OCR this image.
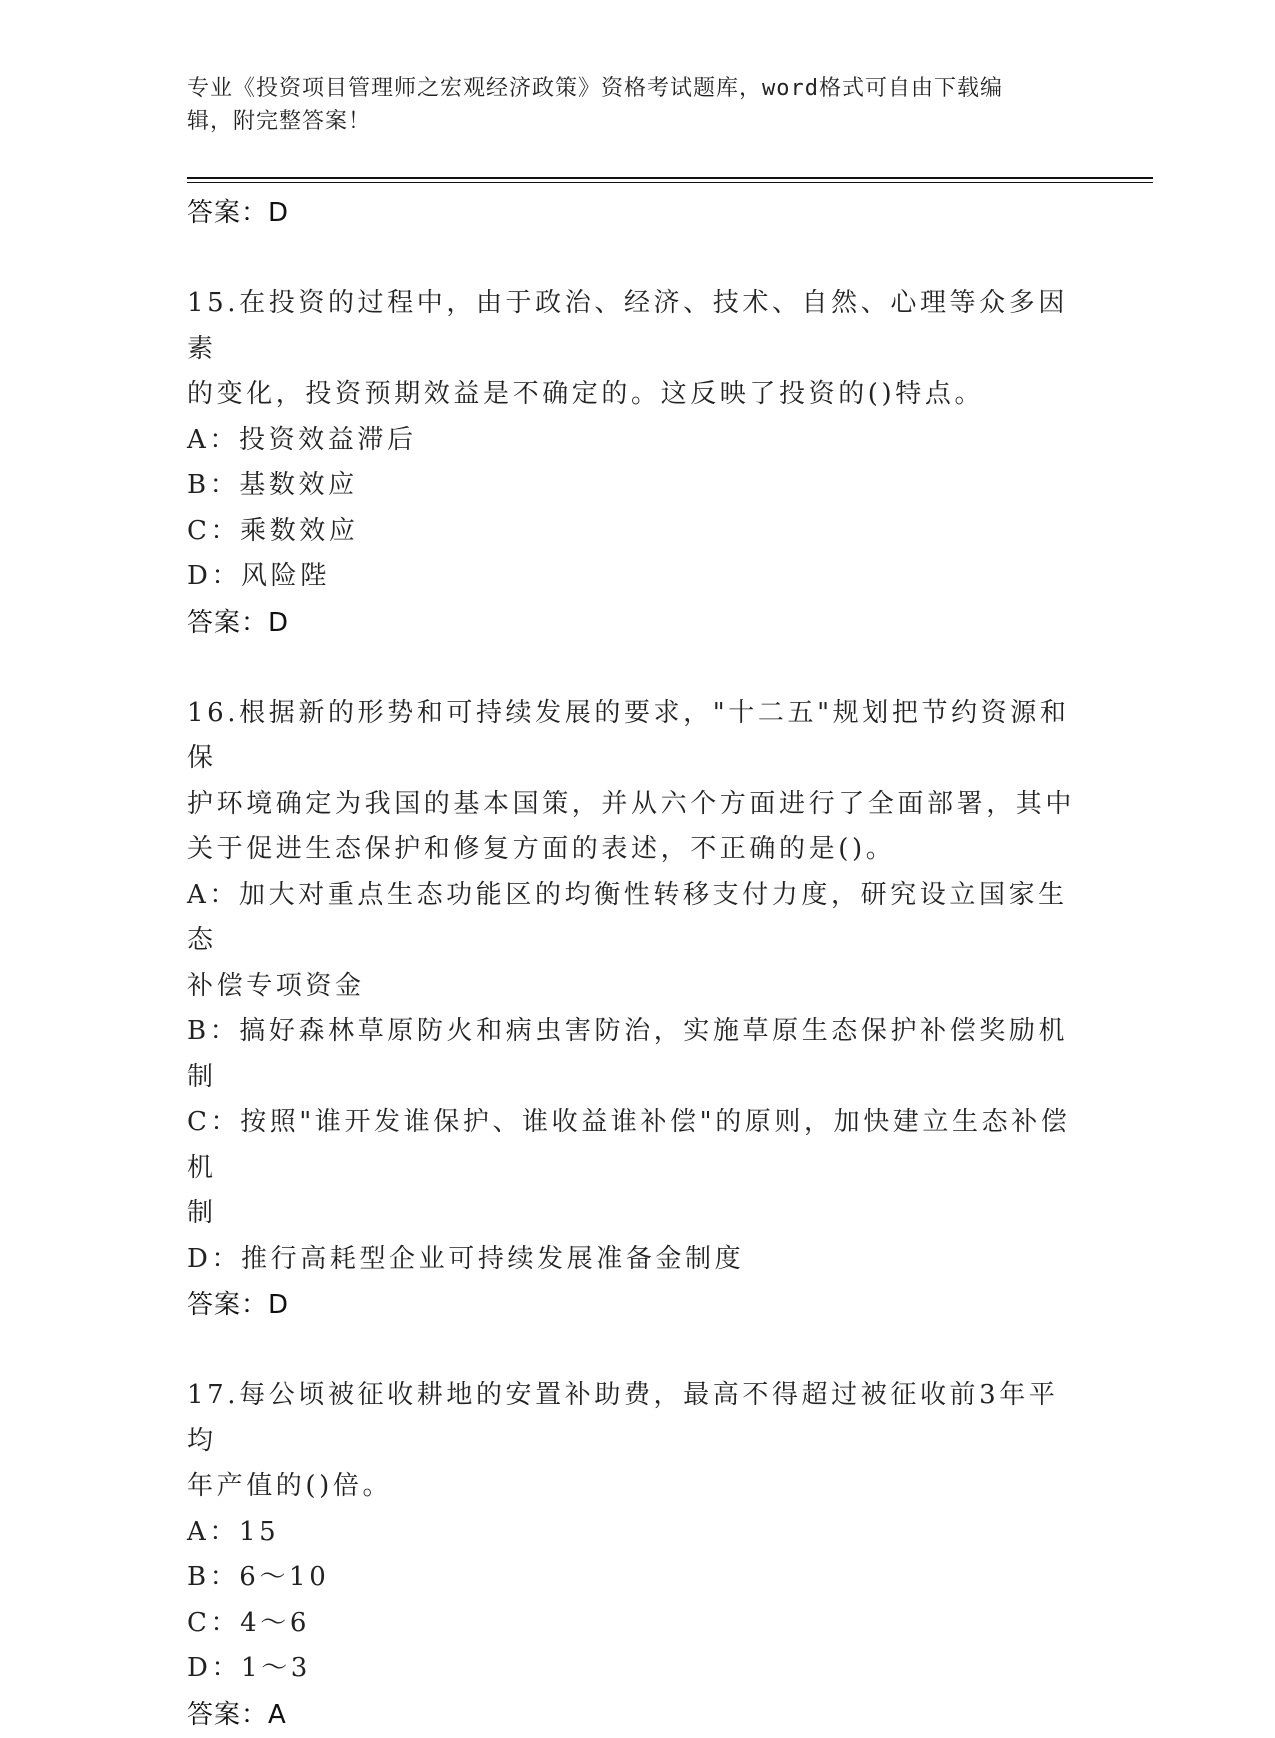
专业《投资项目管理师之宏观经济政策》资格考试题库，word格式可自由下载编
辑，附完整答案！
答案：D
15.在投资的过程中，由于政治、经济、技术、自然、心理等众多因素
的变化，投资预期效益是不确定的。这反映了投资的()特点。
A：投资效益滞后
B：基数效应
C：乘数效应
D：风险陛
答案：D
16.根据新的形势和可持续发展的要求，"十二五"规划把节约资源和保
护环境确定为我国的基本国策，并从六个方面进行了全面部署，其中
关于促进生态保护和修复方面的表述，不正确的是()。
A：加大对重点生态功能区的均衡性转移支付力度，研究设立国家生态
补偿专项资金
B：搞好森林草原防火和病虫害防治，实施草原生态保护补偿奖励机制
C：按照"谁开发谁保护、谁收益谁补偿"的原则，加快建立生态补偿机
制
D：推行高耗型企业可持续发展准备金制度
答案：D
17.每公顷被征收耕地的安置补助费，最高不得超过被征收前3年平均
年产值的()倍。
A：15
B：6～10
C：4～6
D：1～3
答案：A
